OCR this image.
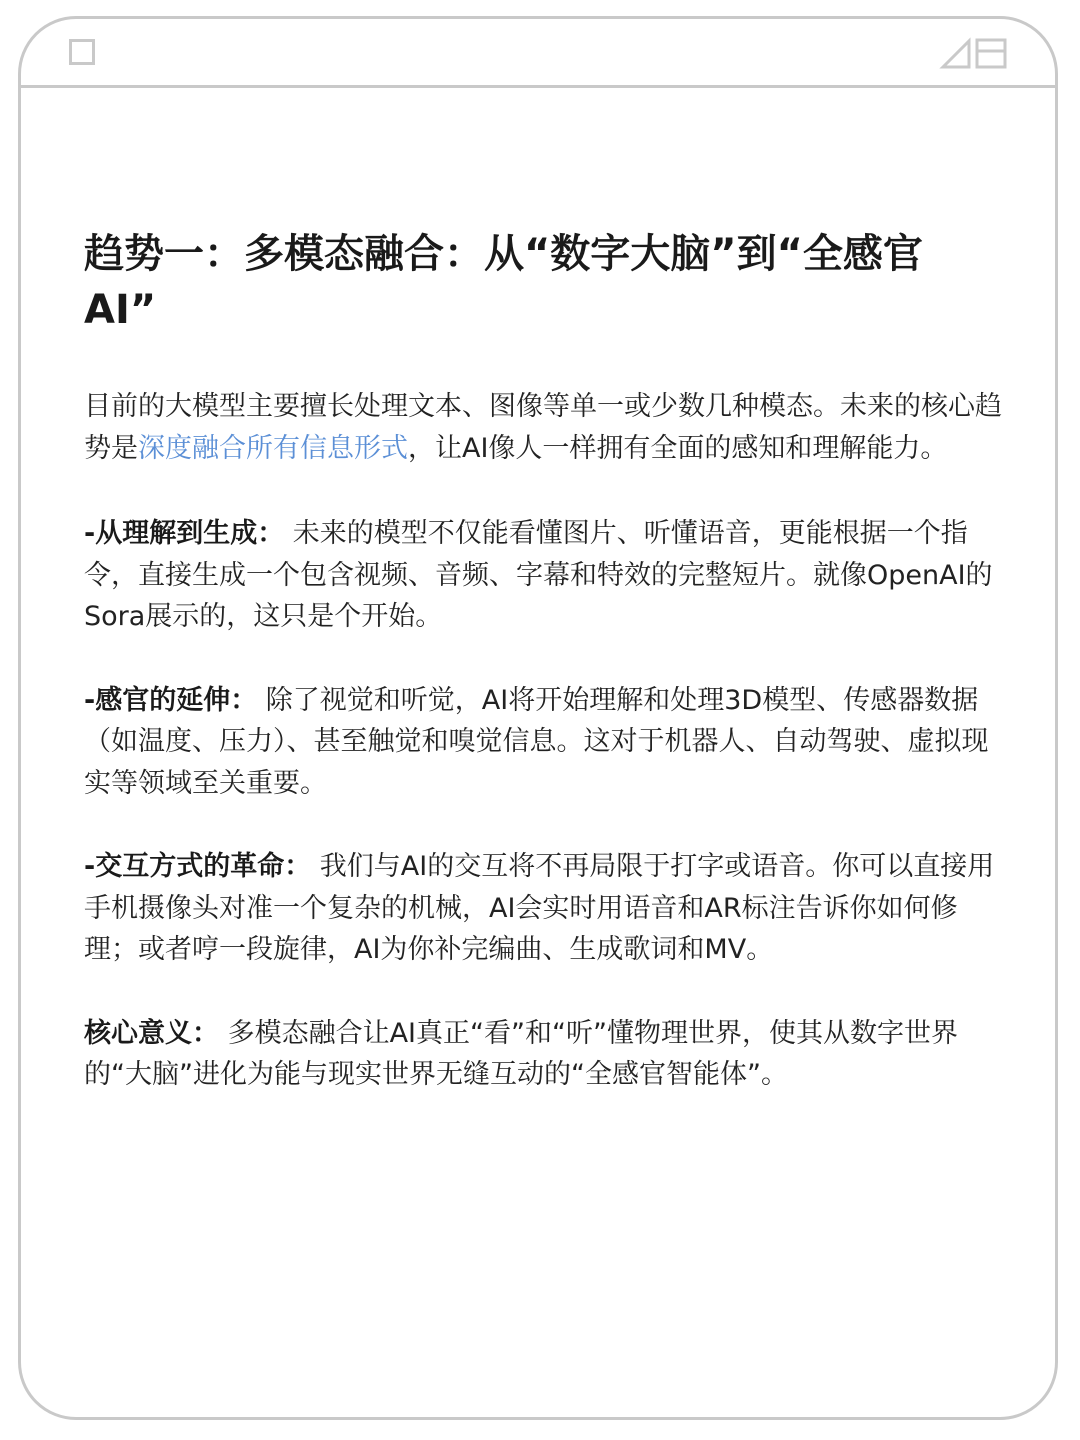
趋势一：多模态融合：从“数字大脑”到“全感官AI”

目前的大模型主要擅长处理文本、图像等单一或少数几种模态。未来的核心趋势是深度融合所有信息形式，让AI像人一样拥有全面的感知和理解能力。

-从理解到生成： 未来的模型不仅能看懂图片、听懂语音，更能根据一个指令，直接生成一个包含视频、音频、字幕和特效的完整短片。就像OpenAI的Sora展示的，这只是个开始。

-感官的延伸： 除了视觉和听觉，AI将开始理解和处理3D模型、传感器数据（如温度、压力）、甚至触觉和嗅觉信息。这对于机器人、自动驾驶、虚拟现实等领域至关重要。

-交互方式的革命： 我们与AI的交互将不再局限于打字或语音。你可以直接用手机摄像头对准一个复杂的机械，AI会实时用语音和AR标注告诉你如何修理；或者哼一段旋律，AI为你补完编曲、生成歌词和MV。

核心意义： 多模态融合让AI真正“看”和“听”懂物理世界，使其从数字世界的“大脑”进化为能与现实世界无缝互动的“全感官智能体”。
